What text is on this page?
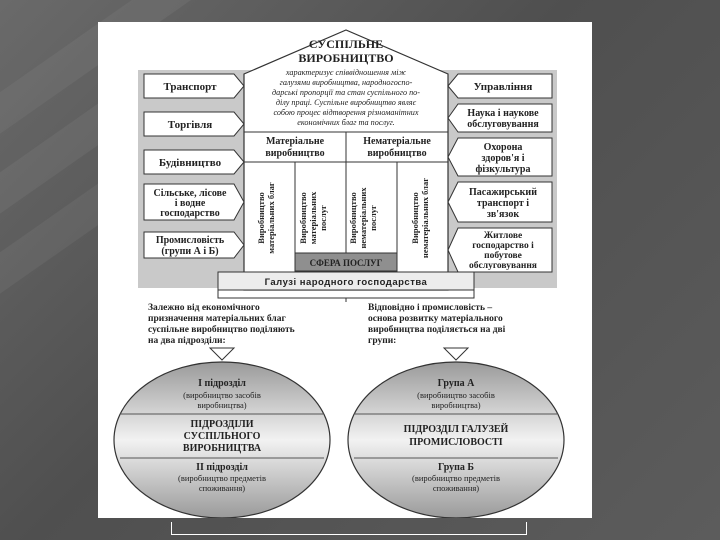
СУСПІЛЬНЕ
ВИРОБНИЦТВО
характеризує співвідношення між
галузями виробництва, народногоспо-
дарські пропорції та стан суспільного по-
ділу праці. Суспільне виробництво являє
собою процес відтворення різноманітних
економічних благ та послуг.
Матеріальне
виробництво
Нематеріальне
виробництво
Виробництво матеріальних благ	Виробництво матеріальних послуг Виробництво нематеріальних послуг	Виробництво нематеріальних благ
СФЕРА ПОСЛУГ
Галузі народного господарства
Транспорт
Торгівля
Будівництво
Сільське, лісове
і водне
господарство
Промисловість
(групи А і Б)
Управління
Наука і наукове
обслуговування
Охорона
здоров'я і
фізкультура
Пасажирський
транспорт і
зв'язок
Житлове
господарство і
побутове
обслуговування
Залежно від економічного
призначення матеріальних благ
суспільне виробництво поділяють
на два підрозділи:
Відповідно і промисловість –
основа розвитку матеріального
виробництва поділяється на дві
групи:
І підрозділ
(виробництво засобів
виробництва)
ПІДРОЗДІЛИ
СУСПІЛЬНОГО
ВИРОБНИЦТВА
ІІ підрозділ
(виробництво предметів
споживання)
Група А
(виробництво засобів
виробництва)
ПІДРОЗДІЛ ГАЛУЗЕЙ
ПРОМИСЛОВОСТІ
Група Б
(виробництво предметів
споживання)
